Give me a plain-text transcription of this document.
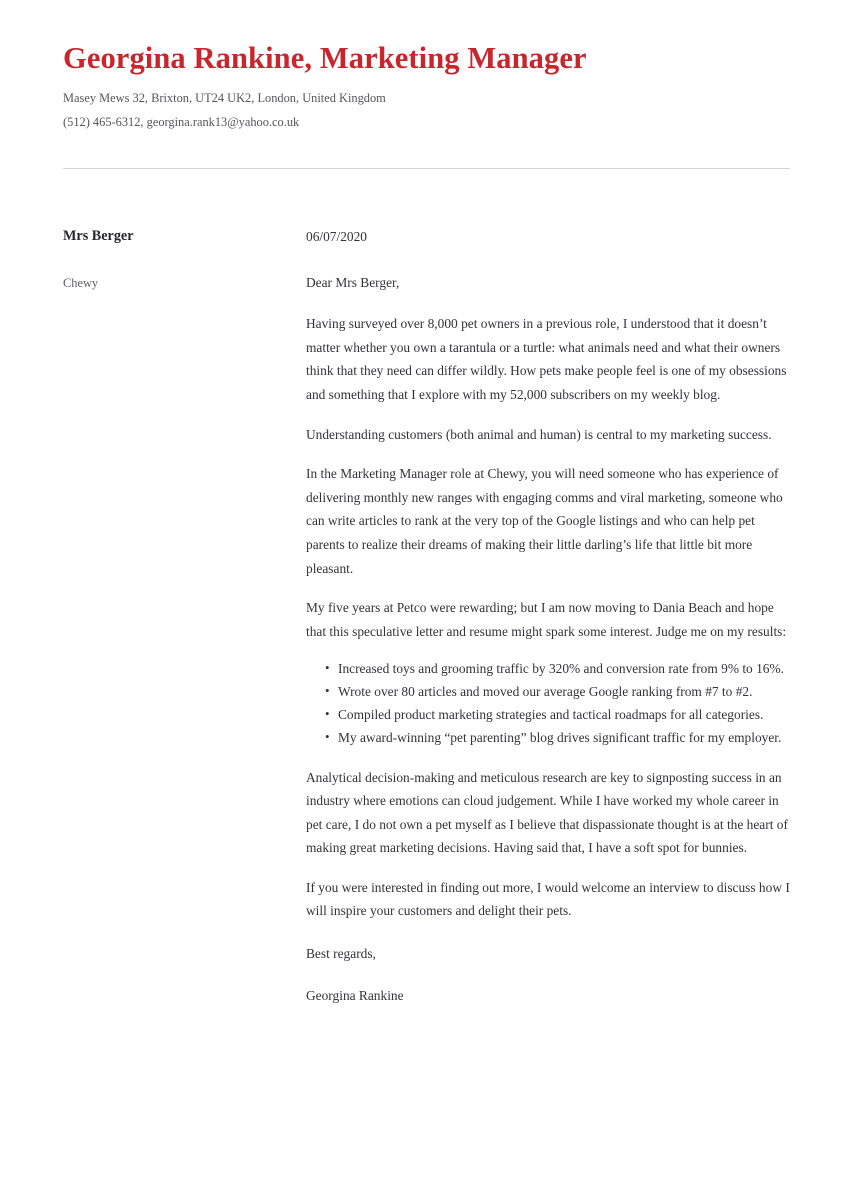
Georgina Rankine, Marketing Manager

Masey Mews 32, Brixton, UT24 UK2, London, United Kingdom

(512) 465-6312, georgina.rank13@yahoo.co.uk

Mrs Berger

Chewy

06/07/2020

Dear Mrs Berger,

Having surveyed over 8,000 pet owners in a previous role, I understood that it doesn’t matter whether you own a tarantula or a turtle: what animals need and what their owners think that they need can differ wildly. How pets make people feel is one of my obsessions and something that I explore with my 52,000 subscribers on my weekly blog.

Understanding customers (both animal and human) is central to my marketing success.

In the Marketing Manager role at Chewy, you will need someone who has experience of delivering monthly new ranges with engaging comms and viral marketing, someone who can write articles to rank at the very top of the Google listings and who can help pet parents to realize their dreams of making their little darling’s life that little bit more pleasant.

My five years at Petco were rewarding; but I am now moving to Dania Beach and hope that this speculative letter and resume might spark some interest. Judge me on my results:

• Increased toys and grooming traffic by 320% and conversion rate from 9% to 16%.
• Wrote over 80 articles and moved our average Google ranking from #7 to #2.
• Compiled product marketing strategies and tactical roadmaps for all categories.
• My award-winning “pet parenting” blog drives significant traffic for my employer.

Analytical decision-making and meticulous research are key to signposting success in an industry where emotions can cloud judgement. While I have worked my whole career in pet care, I do not own a pet myself as I believe that dispassionate thought is at the heart of making great marketing decisions. Having said that, I have a soft spot for bunnies.

If you were interested in finding out more, I would welcome an interview to discuss how I will inspire your customers and delight their pets.

Best regards,

Georgina Rankine
